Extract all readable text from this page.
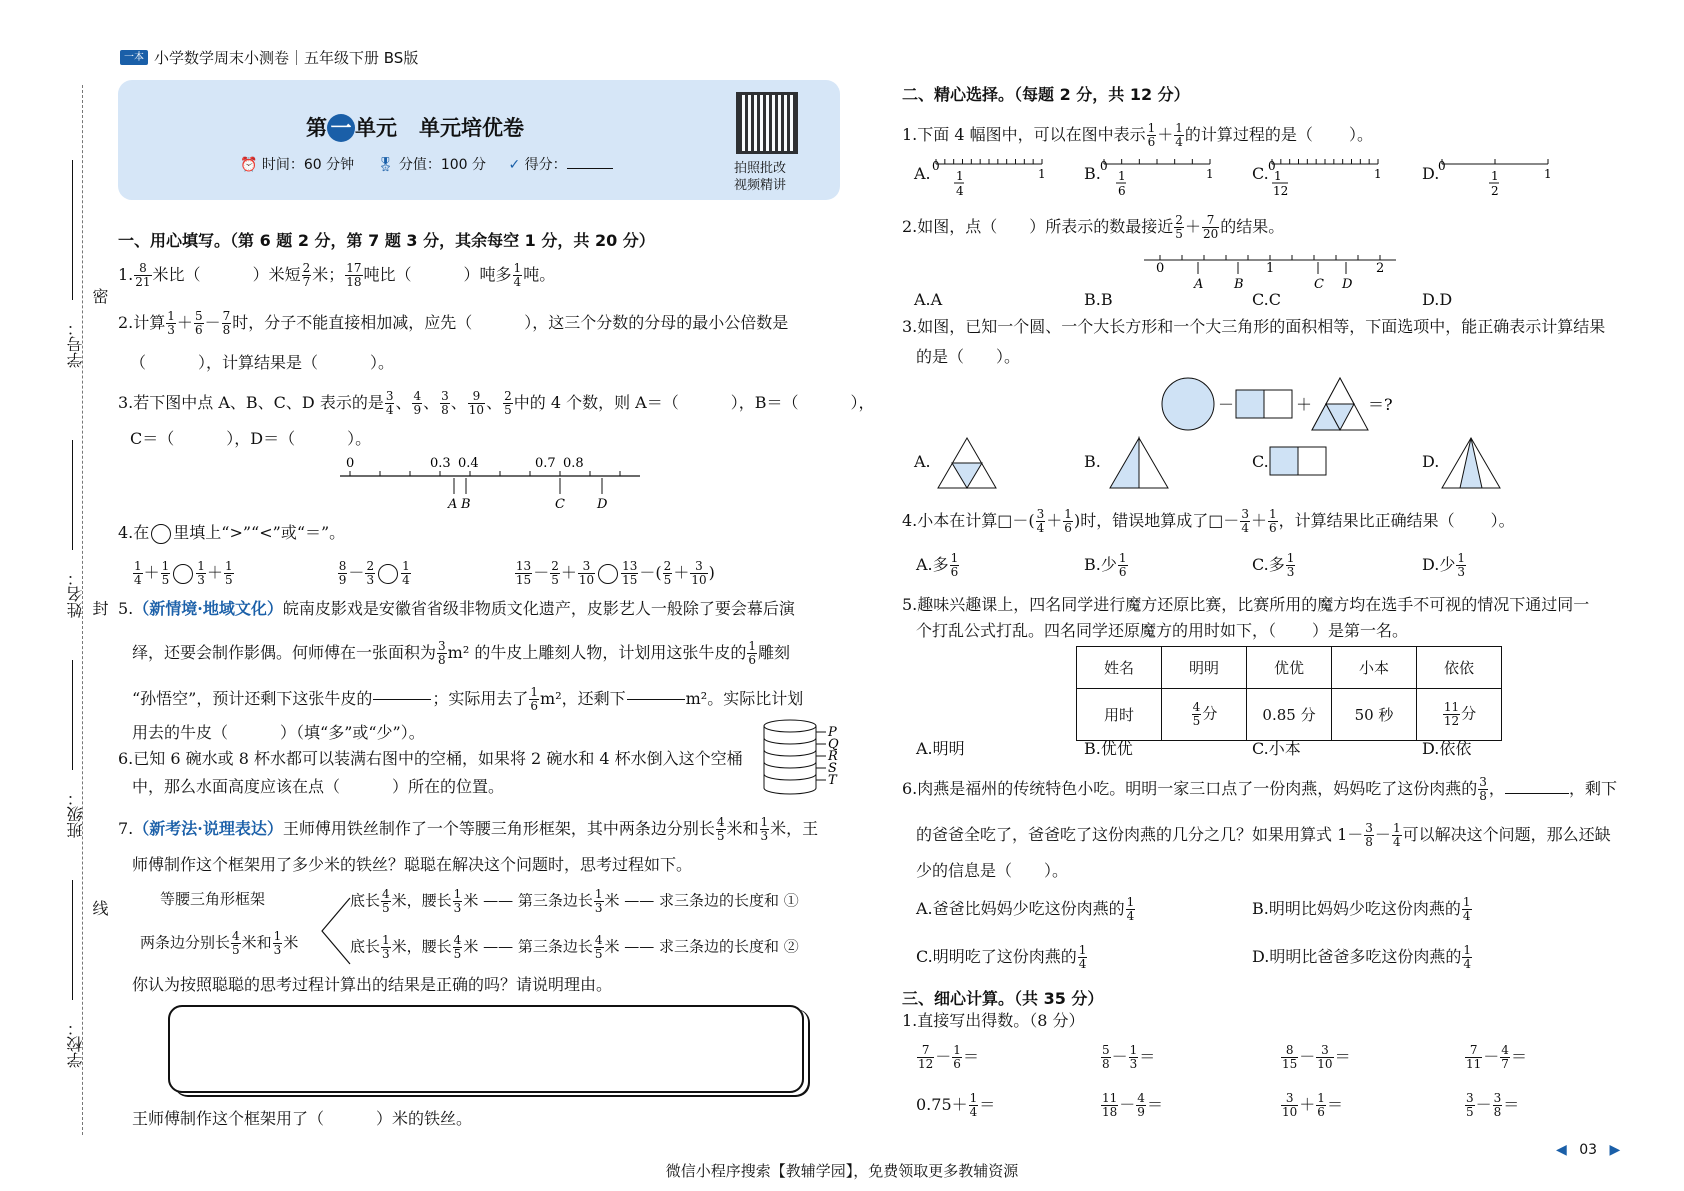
一本 小学数学周末小测卷｜五年级下册 BS版
密
封
线
学号：
姓名：
班级：
学校：
第 一 单元 单元培优卷
⏰ 时间：60 分钟 🎖 分值：100 分 ✓ 得分：	拍照批改
视频精讲
一、用心填写。（第 6 题 2 分，第 7 题 3 分，其余每空 1 分，共 20 分）
1. $\frac{8}{21}$ 米比（	）米短 $\frac{2}{7}$ 米； $\frac{17}{18}$ 吨比（	）吨多 $\frac{1}{4}$ 吨。
2.计算 $\frac{1}{3} + \frac{5}{6} - \frac{7}{8}$ 时，分子不能直接相加减，应先（	），这三个分数的分母的最小公倍数是
（	），计算结果是（	）。
3.若下图中点 A、B、C、D 表示的是 $\frac{3}{4}$ 、 $\frac{4}{9}$ 、 $\frac{3}{8}$ 、 $\frac{9}{10}$ 、 $\frac{2}{5}$ 中的 4 个数，则 A＝（	），B＝（	），
C＝（	），D＝（	）。
0	0.3 0.4	0.7 0.8
A B	C D
4.在 里填上“>”“<”或“＝”。
$\frac{1}{4} + \frac{1}{5} \frac{1}{3} + \frac{1}{5}$
	$\frac{8}{9} - \frac{2}{3} \frac{1}{4}$
	$\frac{13}{15} - \frac{2}{5} + \frac{3}{10} \frac{13}{15}$ －( $\frac{2}{5} + \frac{3}{10}$ )
5.（新情境·地域文化）皖南皮影戏是安徽省省级非物质文化遗产，皮影艺人一般除了要会幕后演
绎，还要会制作影偶。何师傅在一张面积为 $\frac{3}{8} m^2$ 的牛皮上雕刻人物，计划用这张牛皮的 $\frac{1}{6}$ 雕刻
“孙悟空”，预计还剩下这张牛皮的	；实际用去了 $\frac{1}{6} m^2$，还剩下	m²。实际比计划
用去的牛皮（	）（填“多”或“少”）。	P
Q
R
S
T
6.已知 6 碗水或 8 杯水都可以装满右图中的空桶，如果将 2 碗水和 4 杯水倒入这个空桶
中，那么水面高度应该在点（	）所在的位置。
7.（新考法·说理表达）王师傅用铁丝制作了一个等腰三角形框架，其中两条边分别长 $\frac{4}{5}$ 米和 $\frac{1}{3}$ 米，王
师傅制作这个框架用了多少米的铁丝？聪聪在解决这个问题时，思考过程如下。
等腰三角形框架
两条边分别长 $\frac{4}{5}$ 米和 $\frac{1}{3}$ 米
底长 $\frac{4}{5}$ 米，腰长 $\frac{1}{3}$ 米 —— 第三条边长 $\frac{1}{3}$ 米 —— 求三条边的长度和 ①
底长 $\frac{1}{3}$ 米，腰长 $\frac{4}{5}$ 米 —— 第三条边长 $\frac{4}{5}$ 米 —— 求三条边的长度和 ②
你认为按照聪聪的思考过程计算出的结果是正确的吗？请说明理由。
王师傅制作这个框架用了（	）米的铁丝。
二、精心选择。（每题 2 分，共 12 分）
1.下面 4 幅图中，可以在图中表示 $\frac{1}{6} + \frac{1}{4}$ 的计算过程的是（ ）。
A.	B.	C.	D.
0
1
1
4
0
1
1
6
0
1
1
12
0
1
1
2
2.如图，点（ ）所表示的数最接近 $\frac{2}{5} + \frac{7}{20}$ 的结果。
0	1	2
A B	C D
A.A	B.B	C.C	D.D
3.如图，已知一个圆、一个大长方形和一个大三角形的面积相等，下面选项中，能正确表示计算结果
的是（ ）。
－	＋	＝?
A.	B.	C.	D.
4.小本在计算□－( $\frac{3}{4} + \frac{1}{6}$ )时，错误地算成了□－ $\frac{3}{4} + \frac{1}{6}$ ，计算结果比正确结果（ ）。
A.多 $\frac{1}{6}$	B.少 $\frac{1}{6}$	C.多 $\frac{1}{3}$	D.少 $\frac{1}{3}$
5.趣味兴趣课上，四名同学进行魔方还原比赛，比赛所用的魔方均在选手不可视的情况下通过同一
个打乱公式打乱。四名同学还原魔方的用时如下，（ ）是第一名。
姓名	明明	优优	小本	依依
用时	$\frac{4}{5}$ 分	0.85 分	50 秒	$\frac{11}{12}$ 分
A.明明	B.优优	C.小本	D.依依
6.肉燕是福州的传统特色小吃。明明一家三口点了一份肉燕，妈妈吃了这份肉燕的 $\frac{3}{8}$ ，	，剩下
的爸爸全吃了，爸爸吃了这份肉燕的几分之几？如果用算式 $1- \frac{3}{8} - \frac{1}{4}$ 可以解决这个问题，那么还缺
少的信息是（ ）。
A.爸爸比妈妈少吃这份肉燕的 $\frac{1}{4}$	B.明明比妈妈少吃这份肉燕的 $\frac{1}{4}$
C.明明吃了这份肉燕的 $\frac{1}{4}$	D.明明比爸爸多吃这份肉燕的 $\frac{1}{4}$
三、细心计算。（共 35 分）
1.直接写出得数。（8 分）
$\frac{7}{12} - \frac{1}{6}$ ＝	$\frac{5}{8} - \frac{1}{3}$ ＝	$\frac{8}{15} - \frac{3}{10}$ ＝	$\frac{7}{11} - \frac{4}{7}$ ＝
$0.75+ \frac{1}{4}$ ＝	$\frac{11}{18} - \frac{4}{9}$ ＝	$\frac{3}{10} + \frac{1}{6}$ ＝	$\frac{3}{5} - \frac{3}{8}$ ＝
微信小程序搜索【教辅学园】，免费领取更多教辅资源
◀ 03 ▶
